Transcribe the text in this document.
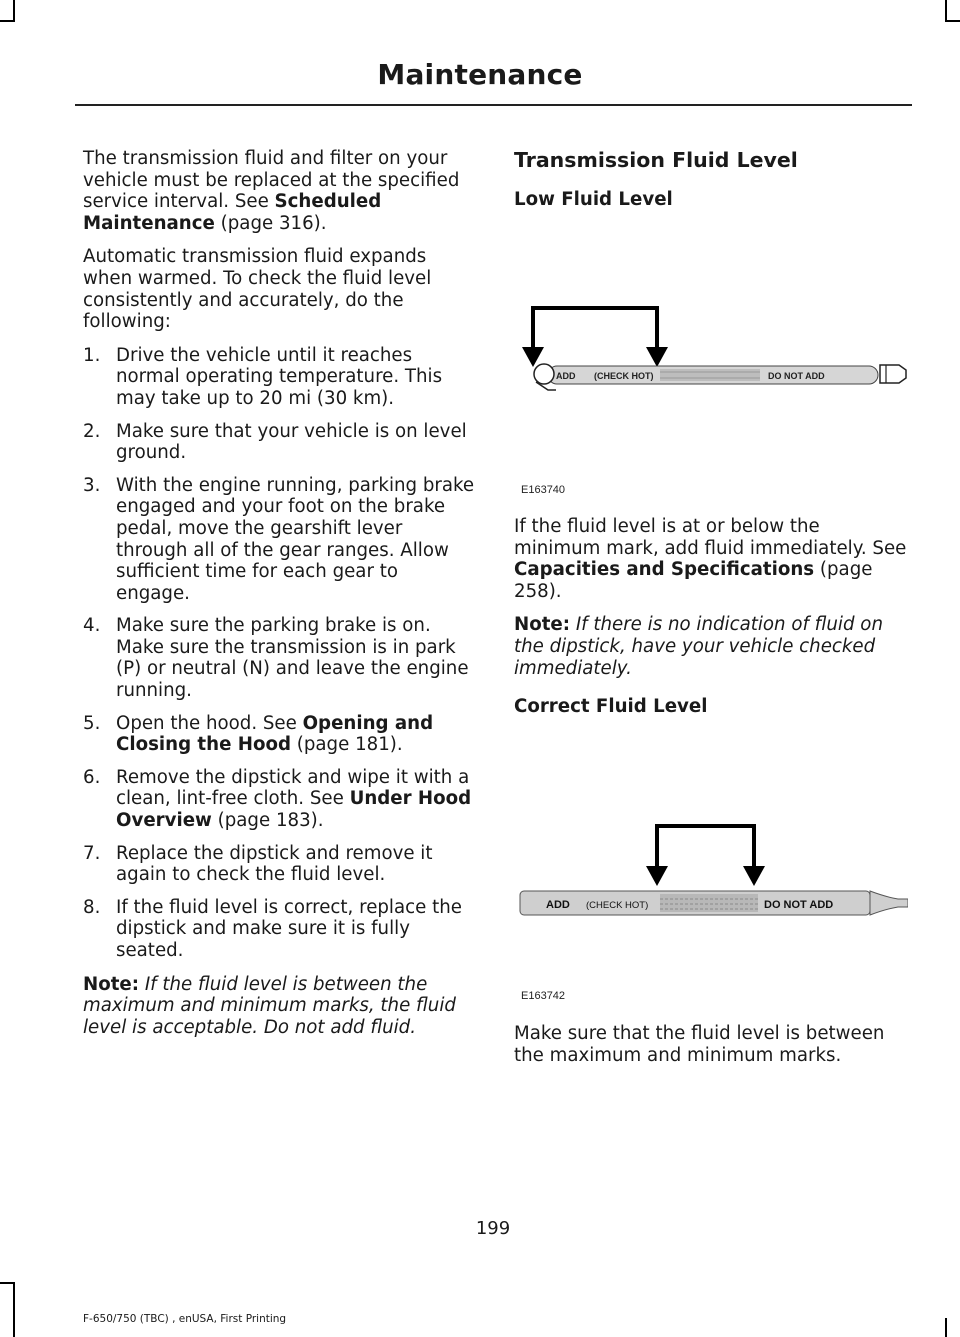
Maintenance

The transmission fluid and filter on your vehicle must be replaced at the specified service interval. See Scheduled Maintenance (page 316).

Automatic transmission fluid expands when warmed. To check the fluid level consistently and accurately, do the following:

1. Drive the vehicle until it reaches normal operating temperature. This may take up to 20 mi (30 km).
2. Make sure that your vehicle is on level ground.
3. With the engine running, parking brake engaged and your foot on the brake pedal, move the gearshift lever through all of the gear ranges. Allow sufficient time for each gear to engage.
4. Make sure the parking brake is on. Make sure the transmission is in park (P) or neutral (N) and leave the engine running.
5. Open the hood. See Opening and Closing the Hood (page 181).
6. Remove the dipstick and wipe it with a clean, lint-free cloth. See Under Hood Overview (page 183).
7. Replace the dipstick and remove it again to check the fluid level.
8. If the fluid level is correct, replace the dipstick and make sure it is fully seated.

Note: If the fluid level is between the maximum and minimum marks, the fluid level is acceptable. Do not add fluid.

Transmission Fluid Level
Low Fluid Level
ADD (CHECK HOT)	DO NOT ADD
E163740

If the fluid level is at or below the minimum mark, add fluid immediately. See Capacities and Specifications (page 258).

Note: If there is no indication of fluid on the dipstick, have your vehicle checked immediately.

Correct Fluid Level
ADD (CHECK HOT)	DO NOT ADD
E163742

Make sure that the fluid level is between the maximum and minimum marks.

199
F-650/750 (TBC) , enUSA, First Printing
